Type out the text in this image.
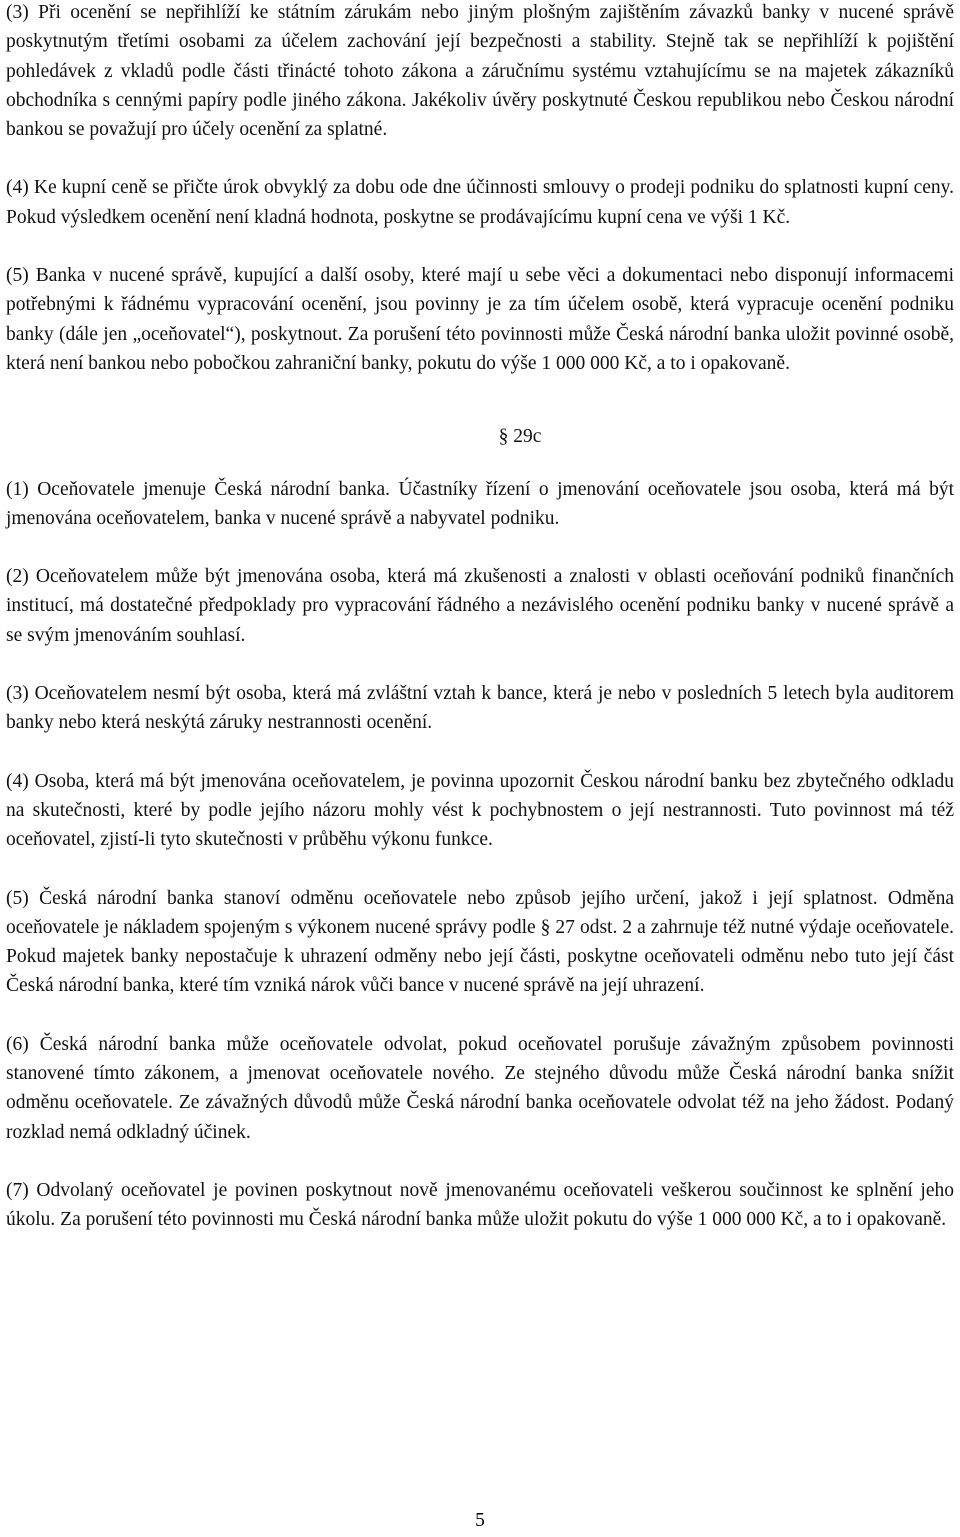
(3) Při ocenění se nepřihlíží ke státním zárukám nebo jiným plošným zajištěním závazků banky v nucené správě poskytnutým třetími osobami za účelem zachování její bezpečnosti a stability. Stejně tak se nepřihlíží k pojištění pohledávek z vkladů podle části třinácté tohoto zákona a záručnímu systému vztahujícímu se na majetek zákazníků obchodníka s cennými papíry podle jiného zákona. Jakékoliv úvěry poskytnuté Českou republikou nebo Českou národní bankou se považují pro účely ocenění za splatné.

(4) Ke kupní ceně se přičte úrok obvyklý za dobu ode dne účinnosti smlouvy o prodeji podniku do splatnosti kupní ceny. Pokud výsledkem ocenění není kladná hodnota, poskytne se prodávajícímu kupní cena ve výši 1 Kč.

(5) Banka v nucené správě, kupující a další osoby, které mají u sebe věci a dokumentaci nebo disponují informacemi potřebnými k řádnému vypracování ocenění, jsou povinny je za tím účelem osobě, která vypracuje ocenění podniku banky (dále jen „oceňovatel“), poskytnout. Za porušení této povinnosti může Česká národní banka uložit povinné osobě, která není bankou nebo pobočkou zahraniční banky, pokutu do výše 1 000 000 Kč, a to i opakovaně.

§ 29c

(1) Oceňovatele jmenuje Česká národní banka. Účastníky řízení o jmenování oceňovatele jsou osoba, která má být jmenována oceňovatelem, banka v nucené správě a nabyvatel podniku.

(2) Oceňovatelem může být jmenována osoba, která má zkušenosti a znalosti v oblasti oceňování podniků finančních institucí, má dostatečné předpoklady pro vypracování řádného a nezávislého ocenění podniku banky v nucené správě a se svým jmenováním souhlasí.

(3) Oceňovatelem nesmí být osoba, která má zvláštní vztah k bance, která je nebo v posledních 5 letech byla auditorem banky nebo která neskýtá záruky nestrannosti ocenění.

(4) Osoba, která má být jmenována oceňovatelem, je povinna upozornit Českou národní banku bez zbytečného odkladu na skutečnosti, které by podle jejího názoru mohly vést k pochybnostem o její nestrannosti. Tuto povinnost má též oceňovatel, zjistí-li tyto skutečnosti v průběhu výkonu funkce.

(5) Česká národní banka stanoví odměnu oceňovatele nebo způsob jejího určení, jakož i její splatnost. Odměna oceňovatele je nákladem spojeným s výkonem nucené správy podle § 27 odst. 2 a zahrnuje též nutné výdaje oceňovatele. Pokud majetek banky nepostačuje k uhrazení odměny nebo její části, poskytne oceňovateli odměnu nebo tuto její část Česká národní banka, které tím vzniká nárok vůči bance v nucené správě na její uhrazení.

(6) Česká národní banka může oceňovatele odvolat, pokud oceňovatel porušuje závažným způsobem povinnosti stanovené tímto zákonem, a jmenovat oceňovatele nového. Ze stejného důvodu může Česká národní banka snížit odměnu oceňovatele. Ze závažných důvodů může Česká národní banka oceňovatele odvolat též na jeho žádost. Podaný rozklad nemá odkladný účinek.

(7) Odvolaný oceňovatel je povinen poskytnout nově jmenovanému oceňovateli veškerou součinnost ke splnění jeho úkolu. Za porušení této povinnosti mu Česká národní banka může uložit pokutu do výše 1 000 000 Kč, a to i opakovaně.

5
